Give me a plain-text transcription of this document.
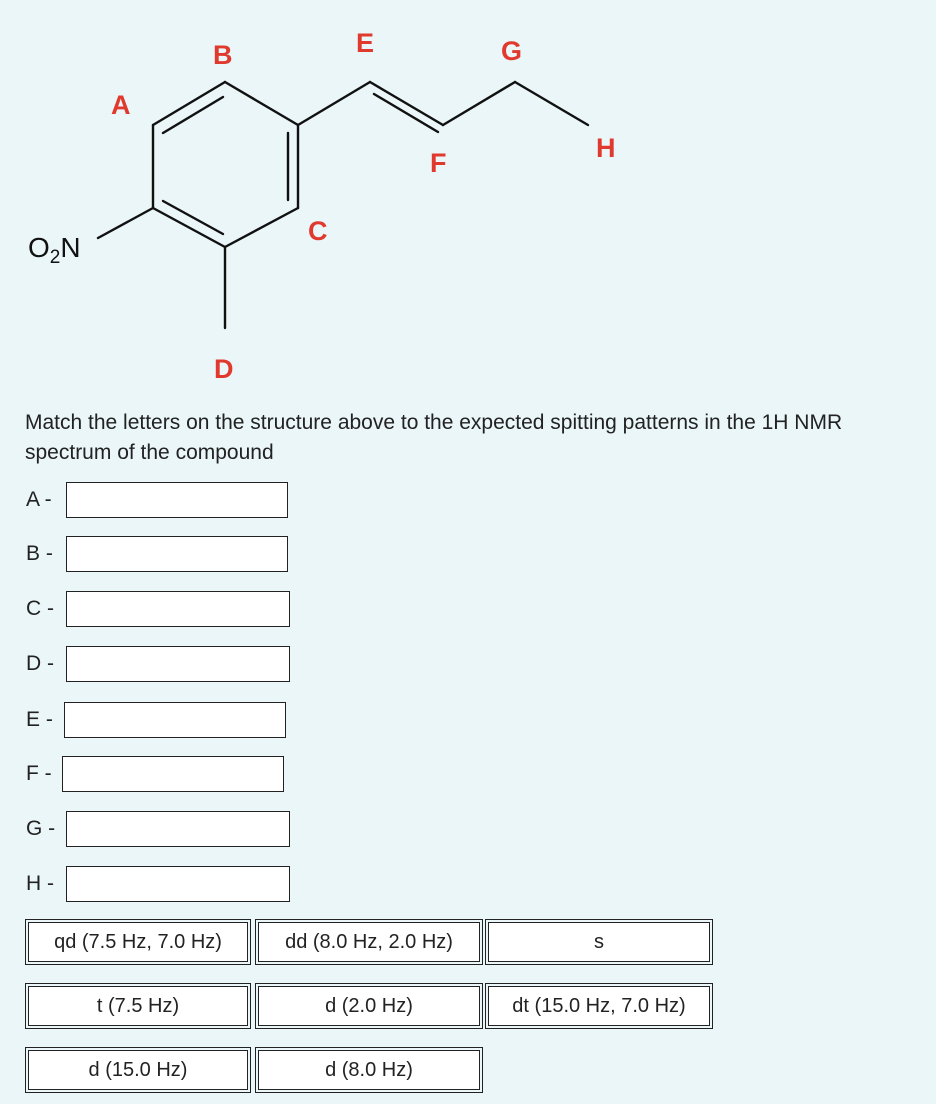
$O_2N$
A
B
C
D
E
F
G
H
Match the letters on the structure above to the expected spitting patterns in the 1H NMR spectrum of the compound
A -
B -
C -
D -
E -
F -
G -
H -
qd (7.5 Hz, 7.0 Hz)	dd (8.0 Hz, 2.0 Hz)	s
t (7.5 Hz)	d (2.0 Hz)	dt (15.0 Hz, 7.0 Hz)
d (15.0 Hz)	d (8.0 Hz)
